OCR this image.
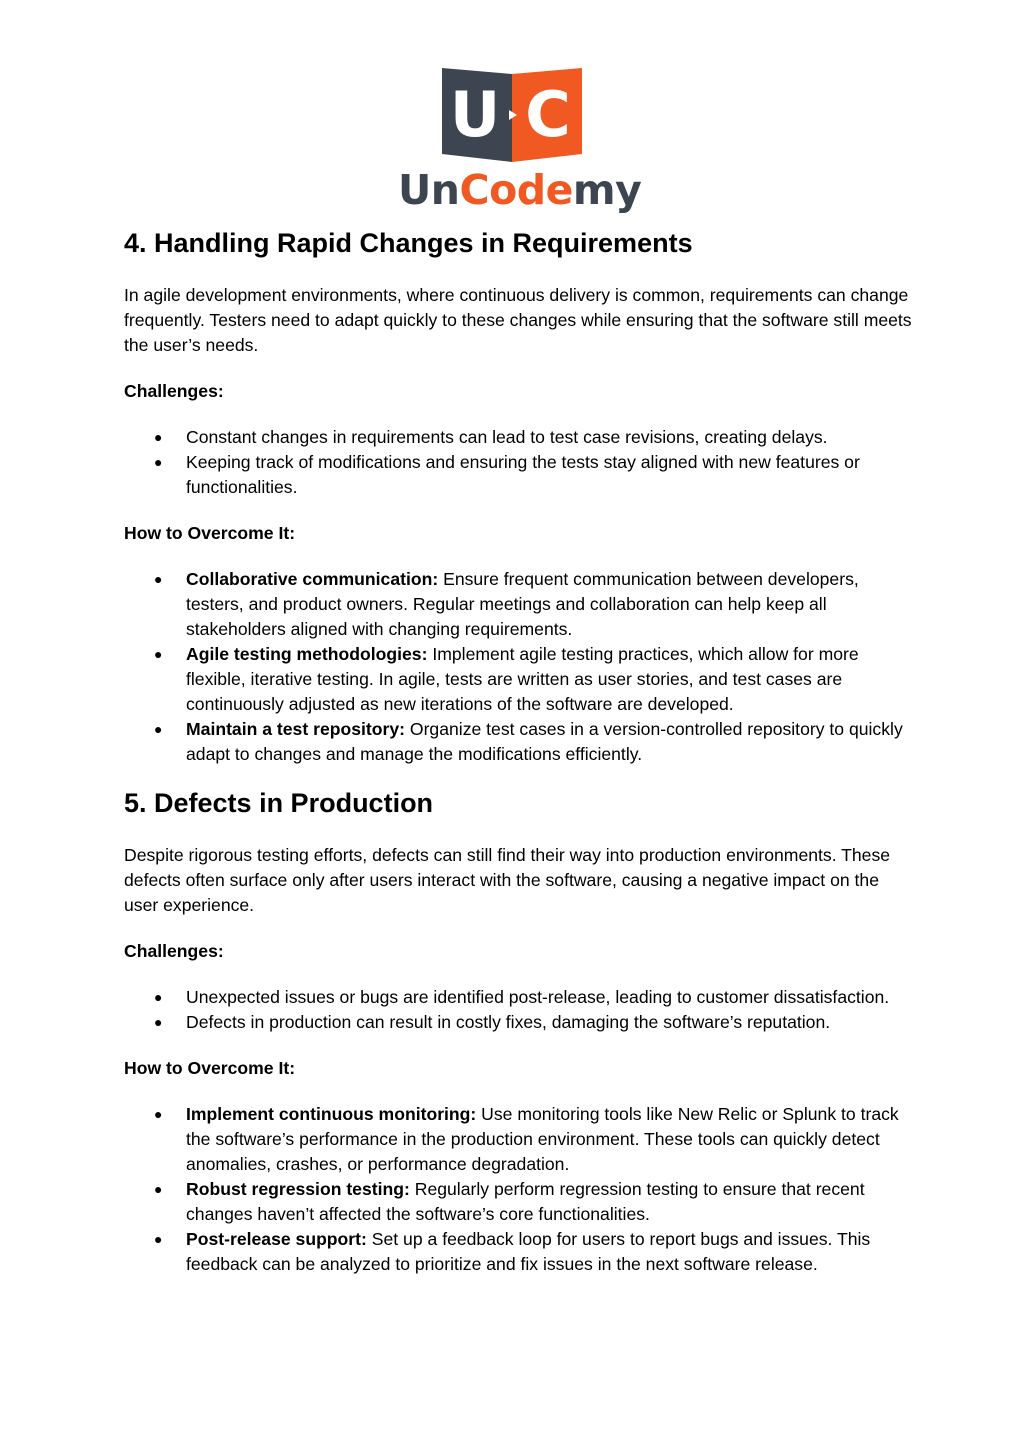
U C
UnCodemy
4. Handling Rapid Changes in Requirements

In agile development environments, where continuous delivery is common, requirements can change frequently. Testers need to adapt quickly to these changes while ensuring that the software still meets the user’s needs.

Challenges:

● Constant changes in requirements can lead to test case revisions, creating delays.
● Keeping track of modifications and ensuring the tests stay aligned with new features or functionalities.

How to Overcome It:

● Collaborative communication: Ensure frequent communication between developers, testers, and product owners. Regular meetings and collaboration can help keep all stakeholders aligned with changing requirements.
● Agile testing methodologies: Implement agile testing practices, which allow for more flexible, iterative testing. In agile, tests are written as user stories, and test cases are continuously adjusted as new iterations of the software are developed.
● Maintain a test repository: Organize test cases in a version-controlled repository to quickly adapt to changes and manage the modifications efficiently.
5. Defects in Production

Despite rigorous testing efforts, defects can still find their way into production environments. These defects often surface only after users interact with the software, causing a negative impact on the user experience.

Challenges:

● Unexpected issues or bugs are identified post-release, leading to customer dissatisfaction.
● Defects in production can result in costly fixes, damaging the software’s reputation.

How to Overcome It:

● Implement continuous monitoring: Use monitoring tools like New Relic or Splunk to track the software’s performance in the production environment. These tools can quickly detect anomalies, crashes, or performance degradation.
● Robust regression testing: Regularly perform regression testing to ensure that recent changes haven’t affected the software’s core functionalities.
● Post-release support: Set up a feedback loop for users to report bugs and issues. This feedback can be analyzed to prioritize and fix issues in the next software release.
